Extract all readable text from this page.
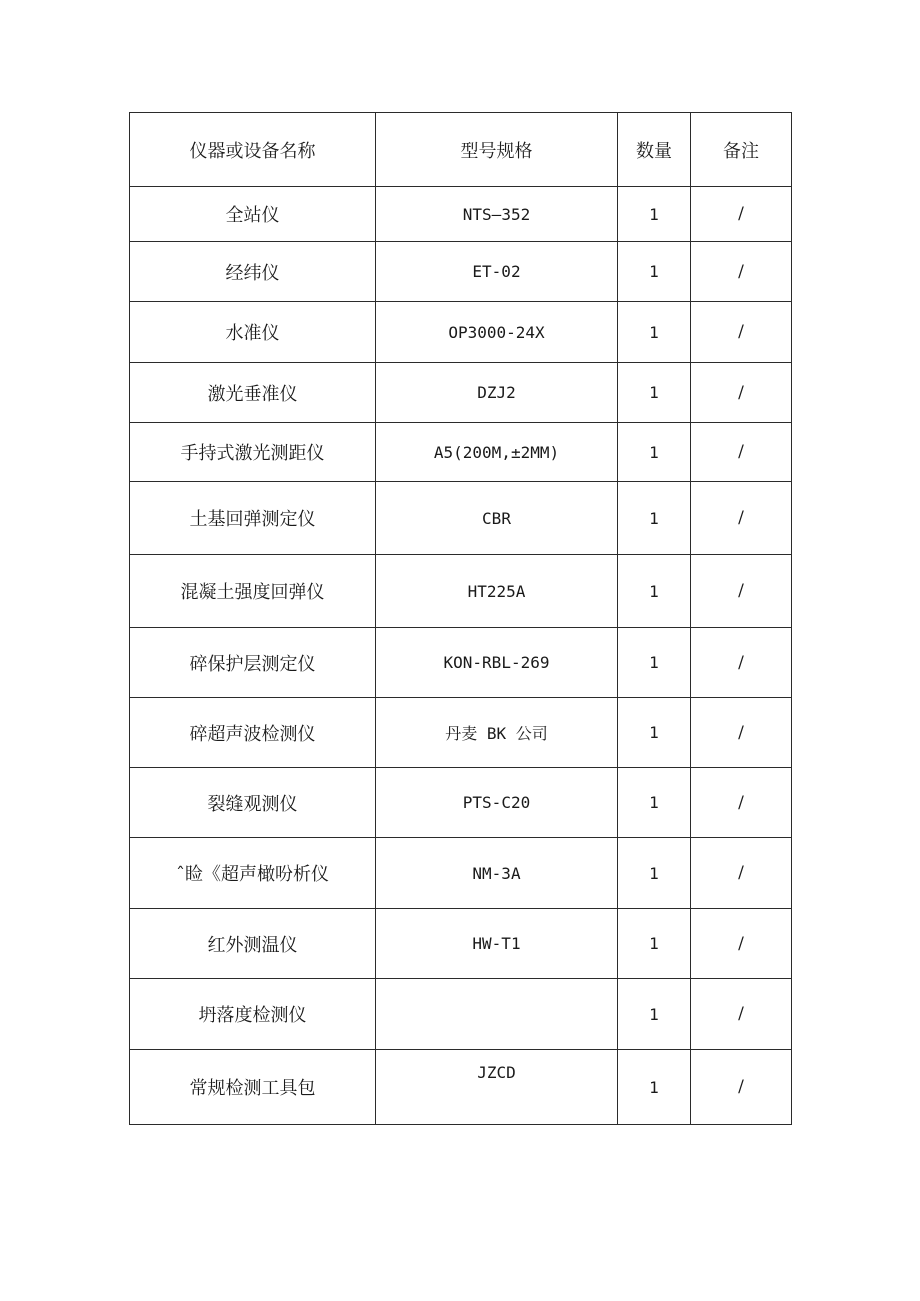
仪器或设备名称	型号规格	数量	备注
全站仪	NTS—352	1	/
经纬仪	ET-02	1	/
水准仪	OP3000-24X	1	/
激光垂准仪	DZJ2	1	/
手持式激光测距仪	A5(200M,±2MM)	1	/
土基回弹测定仪	CBR	1	/
混凝土强度回弹仪	HT225A	1	/
碎保护层测定仪	KON-RBL-269	1	/
碎超声波检测仪	丹麦 BK 公司	1	/
裂缝观测仪	PTS-C20	1	/
ˆ睑《超声橄吩析仪	NM-3A	1	/
红外测温仪	HW-T1	1	/
坍落度检测仪		1	/
常规检测工具包	JZCD	1	/
